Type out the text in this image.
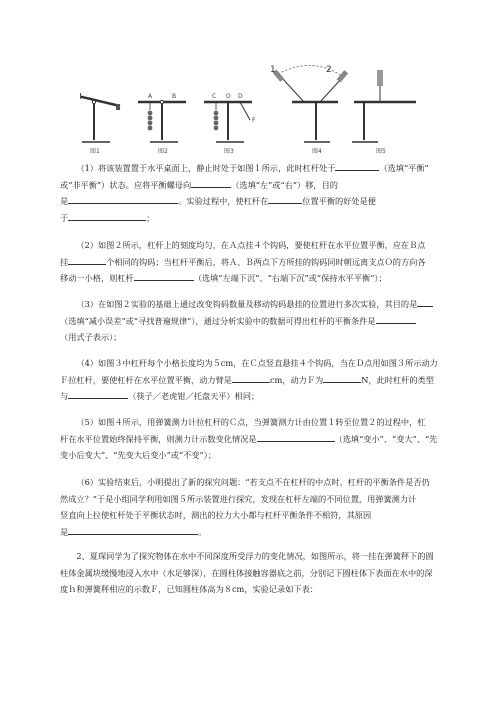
图1
A	B
图2
C O D
F
图3
1	2
图4	图5

（1）将该装置置于水平桌面上，静止时处于如图１所示，此时杠杆处于	（选填“平衡”

或“非平衡”）状态。应将平衡螺母向	（选填“左”或“右”）移，目的

是	。实验过程中，使杠杆在	位置平衡的好处是便

于	；

（2）如图２所示，杠杆上的刻度均匀，在Ａ点挂４个钩码，要使杠杆在水平位置平衡，应在Ｂ点

挂	个相同的钩码；当杠杆平衡后，将Ａ、Ｂ两点下方所挂的钩码同时朝远离支点Ｏ的方向各

移动一小格，则杠杆	（选填“左端下沉”、“右端下沉”或“保持水平平衡”）；

（3）在如图２实验的基础上通过改变钩码数量及移动钩码悬挂的位置进行多次实验，其目的是

（选填“减小误差”或“寻找普遍规律”），通过分析实验中的数据可得出杠杆的平衡条件是

（用式子表示）；

（4）如图３中杠杆每个小格长度均为５cm，在Ｃ点竖直悬挂４个钩码，当在Ｄ点用如图３所示动力

Ｆ拉杠杆，要使杠杆在水平位置平衡，动力臂是	cm，动力Ｆ为	N，此时杠杆的类型

与	（筷子／老虎钳／托盘天平）相同；

（5）如图４所示，用弹簧测力计拉杠杆的Ｃ点，当弹簧测力计由位置１转至位置２的过程中，杠

杆在水平位置始终保持平衡，则测力计示数变化情况是	（选填“变小”、“变大”、“先

变小后变大”、“先变大后变小”或“不变”）；

（6）实验结束后，小明提出了新的探究问题：“若支点不在杠杆的中点时，杠杆的平衡条件是否仍

然成立？”于是小组同学利用如图５所示装置进行探究，发现在杠杆左端的不同位置，用弹簧测力计

竖直向上拉使杠杆处于平衡状态时，测出的拉力大小都与杠杆平衡条件不相符，其原因

是	。

2、夏琛同学为了探究物体在水中不同深度所受浮力的变化情况，如图所示，将一挂在弹簧秤下的圆

柱体金属块缓慢地浸入水中（水足够深），在圆柱体接触容器底之前，分别记下圆柱体下表面在水中的深

度ｈ和弹簧秤相应的示数Ｆ，已知圆柱体高为８cm，实验记录如下表：
